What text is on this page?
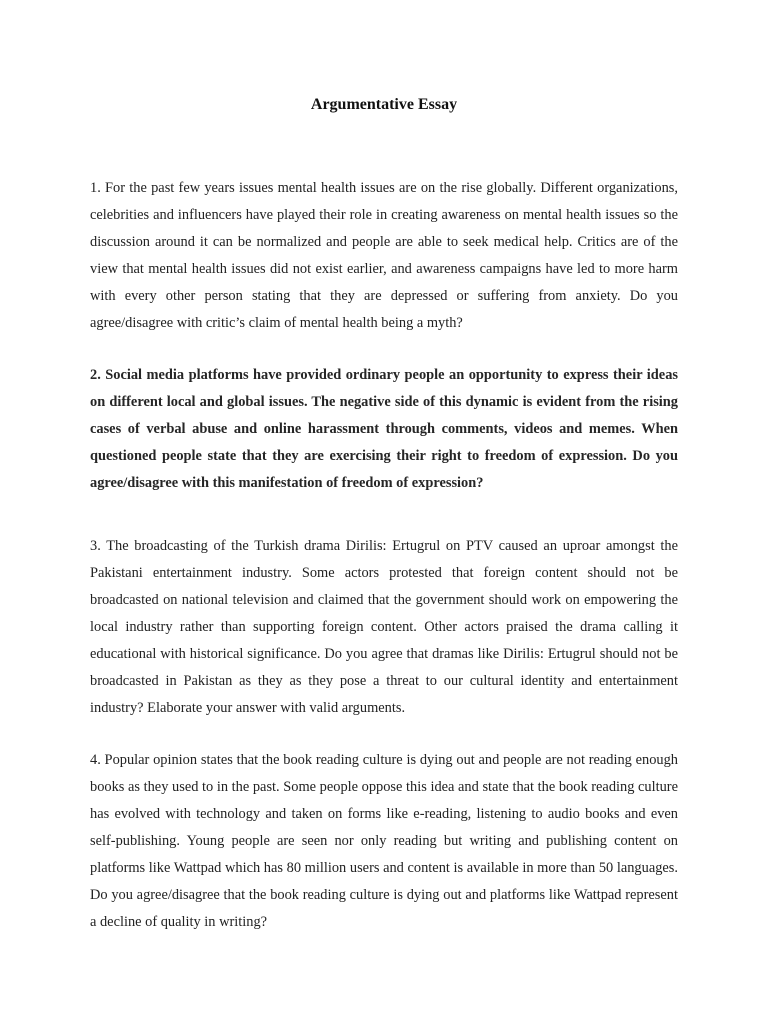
Argumentative Essay

1. For the past few years issues mental health issues are on the rise globally. Different organizations, celebrities and influencers have played their role in creating awareness on mental health issues so the discussion around it can be normalized and people are able to seek medical help. Critics are of the view that mental health issues did not exist earlier, and awareness campaigns have led to more harm with every other person stating that they are depressed or suffering from anxiety. Do you agree/disagree with critic’s claim of mental health being a myth?

2. Social media platforms have provided ordinary people an opportunity to express their ideas on different local and global issues. The negative side of this dynamic is evident from the rising cases of verbal abuse and online harassment through comments, videos and memes. When questioned people state that they are exercising their right to freedom of expression. Do you agree/disagree with this manifestation of freedom of expression?

3. The broadcasting of the Turkish drama Dirilis: Ertugrul on PTV caused an uproar amongst the Pakistani entertainment industry. Some actors protested that foreign content should not be broadcasted on national television and claimed that the government should work on empowering the local industry rather than supporting foreign content. Other actors praised the drama calling it educational with historical significance. Do you agree that dramas like Dirilis: Ertugrul should not be broadcasted in Pakistan as they as they pose a threat to our cultural identity and entertainment industry? Elaborate your answer with valid arguments.

4. Popular opinion states that the book reading culture is dying out and people are not reading enough books as they used to in the past. Some people oppose this idea and state that the book reading culture has evolved with technology and taken on forms like e-reading, listening to audio books and even self-publishing. Young people are seen nor only reading but writing and publishing content on platforms like Wattpad which has 80 million users and content is available in more than 50 languages. Do you agree/disagree that the book reading culture is dying out and platforms like Wattpad represent a decline of quality in writing?
